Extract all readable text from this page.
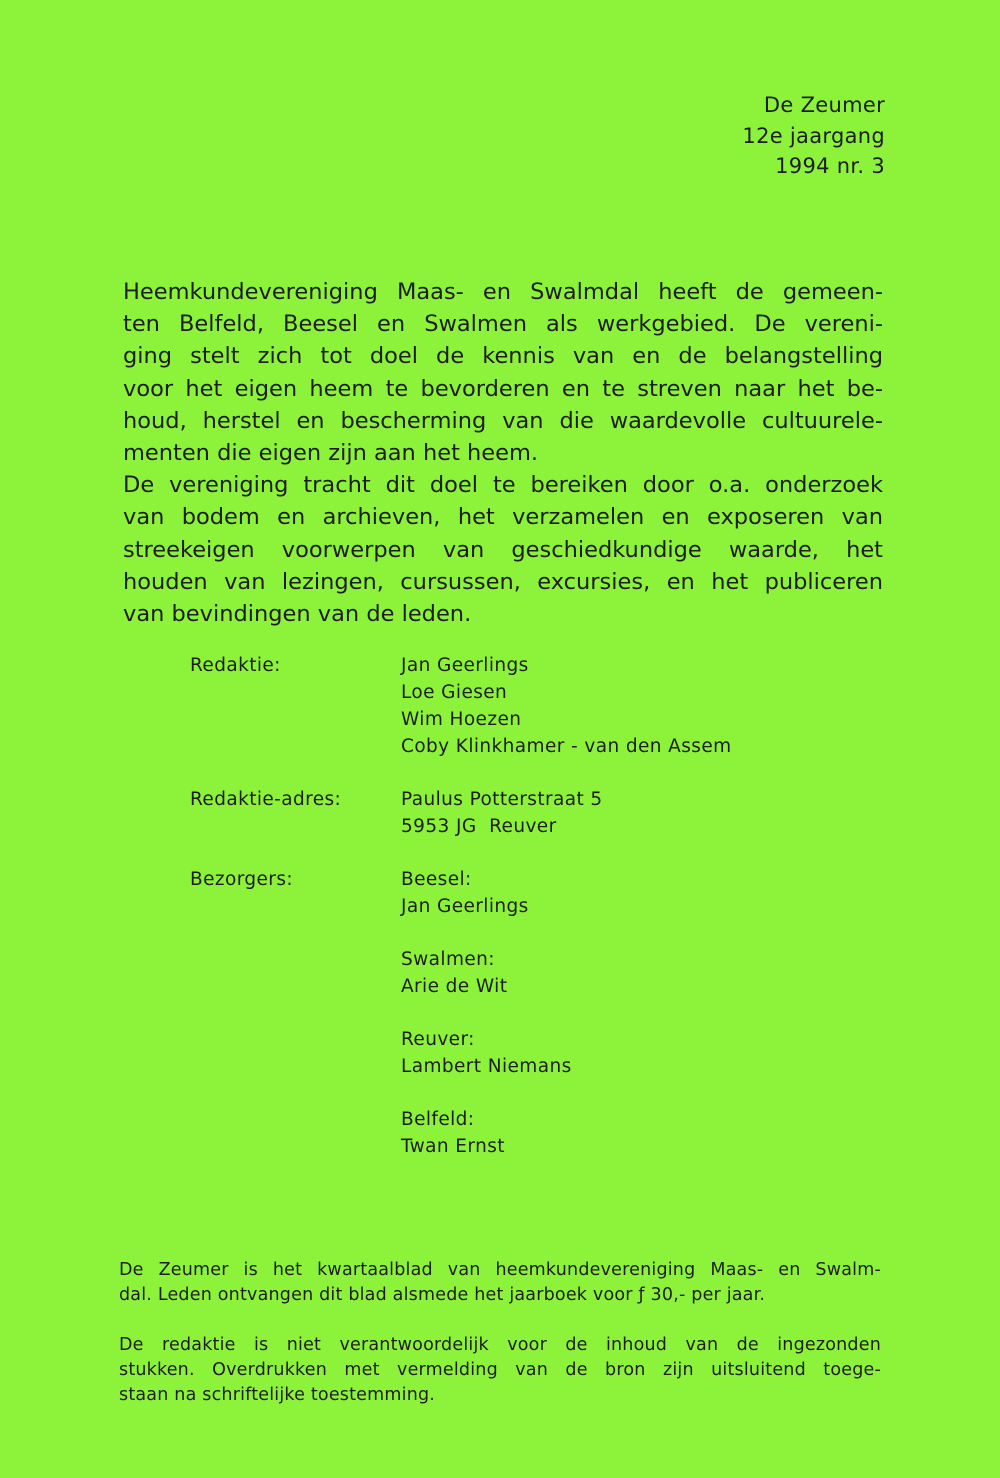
De Zeumer
12e jaargang
1994 nr. 3

Heemkundevereniging Maas- en Swalmdal heeft de gemeen-
ten Belfeld, Beesel en Swalmen als werkgebied. De vereni-
ging stelt zich tot doel de kennis van en de belangstelling
voor het eigen heem te bevorderen en te streven naar het be-
houd, herstel en bescherming van die waardevolle cultuurele-
menten die eigen zijn aan het heem.

De vereniging tracht dit doel te bereiken door o.a. onderzoek
van bodem en archieven, het verzamelen en exposeren van
streekeigen voorwerpen van geschiedkundige waarde, het
houden van lezingen, cursussen, excursies, en het publiceren
van bevindingen van de leden.

Redaktie:	Jan Geerlings
Loe Giesen
Wim Hoezen
Coby Klinkhamer - van den Assem
Redaktie-adres:	Paulus Potterstraat 5
5953 JG  Reuver
Bezorgers:	Beesel:
Jan Geerlings
Swalmen:
Arie de Wit
Reuver:
Lambert Niemans
Belfeld:
Twan Ernst

De Zeumer is het kwartaalblad van heemkundevereniging Maas- en Swalm-
dal. Leden ontvangen dit blad alsmede het jaarboek voor ƒ 30,- per jaar.

De redaktie is niet verantwoordelijk voor de inhoud van de ingezonden
stukken. Overdrukken met vermelding van de bron zijn uitsluitend toege-
staan na schriftelijke toestemming.
